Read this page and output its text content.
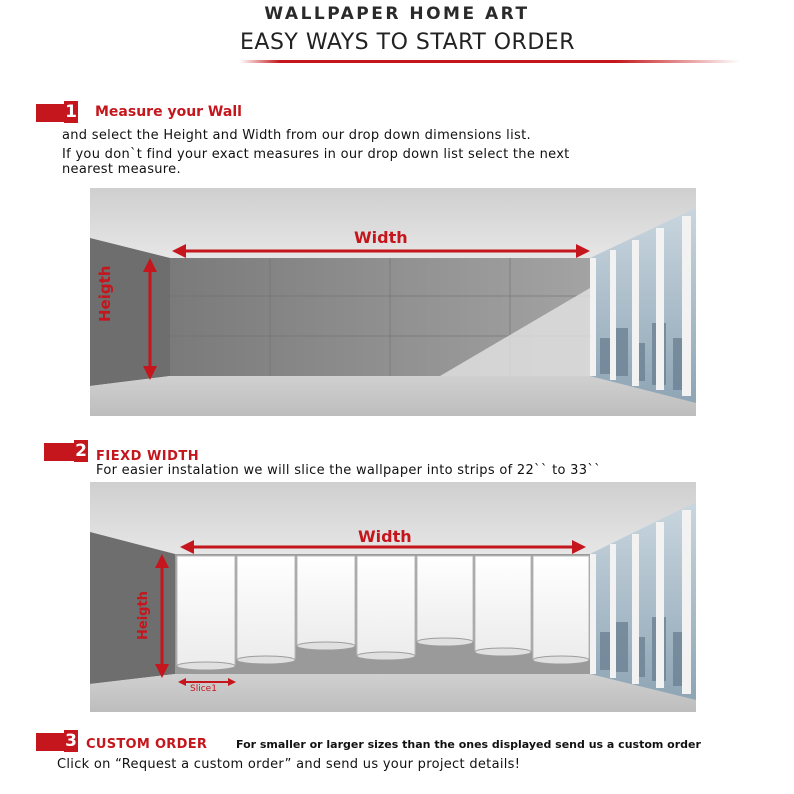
WALLPAPER HOME ART
EASY WAYS TO START ORDER
1 Measure your Wall
and select the Height and Width from our drop down dimensions list.
If you don`t find your exact measures in our drop down list select the next
nearest measure.
Width
Heigth
2 FIEXD WIDTH
For easier instalation we will slice the wallpaper into strips of 22`` to 33``
Width
Heigth
Slice1
3 CUSTOM ORDER	For smaller or larger sizes than the ones displayed send us a custom order
Click on “Request a custom order” and send us your project details!
